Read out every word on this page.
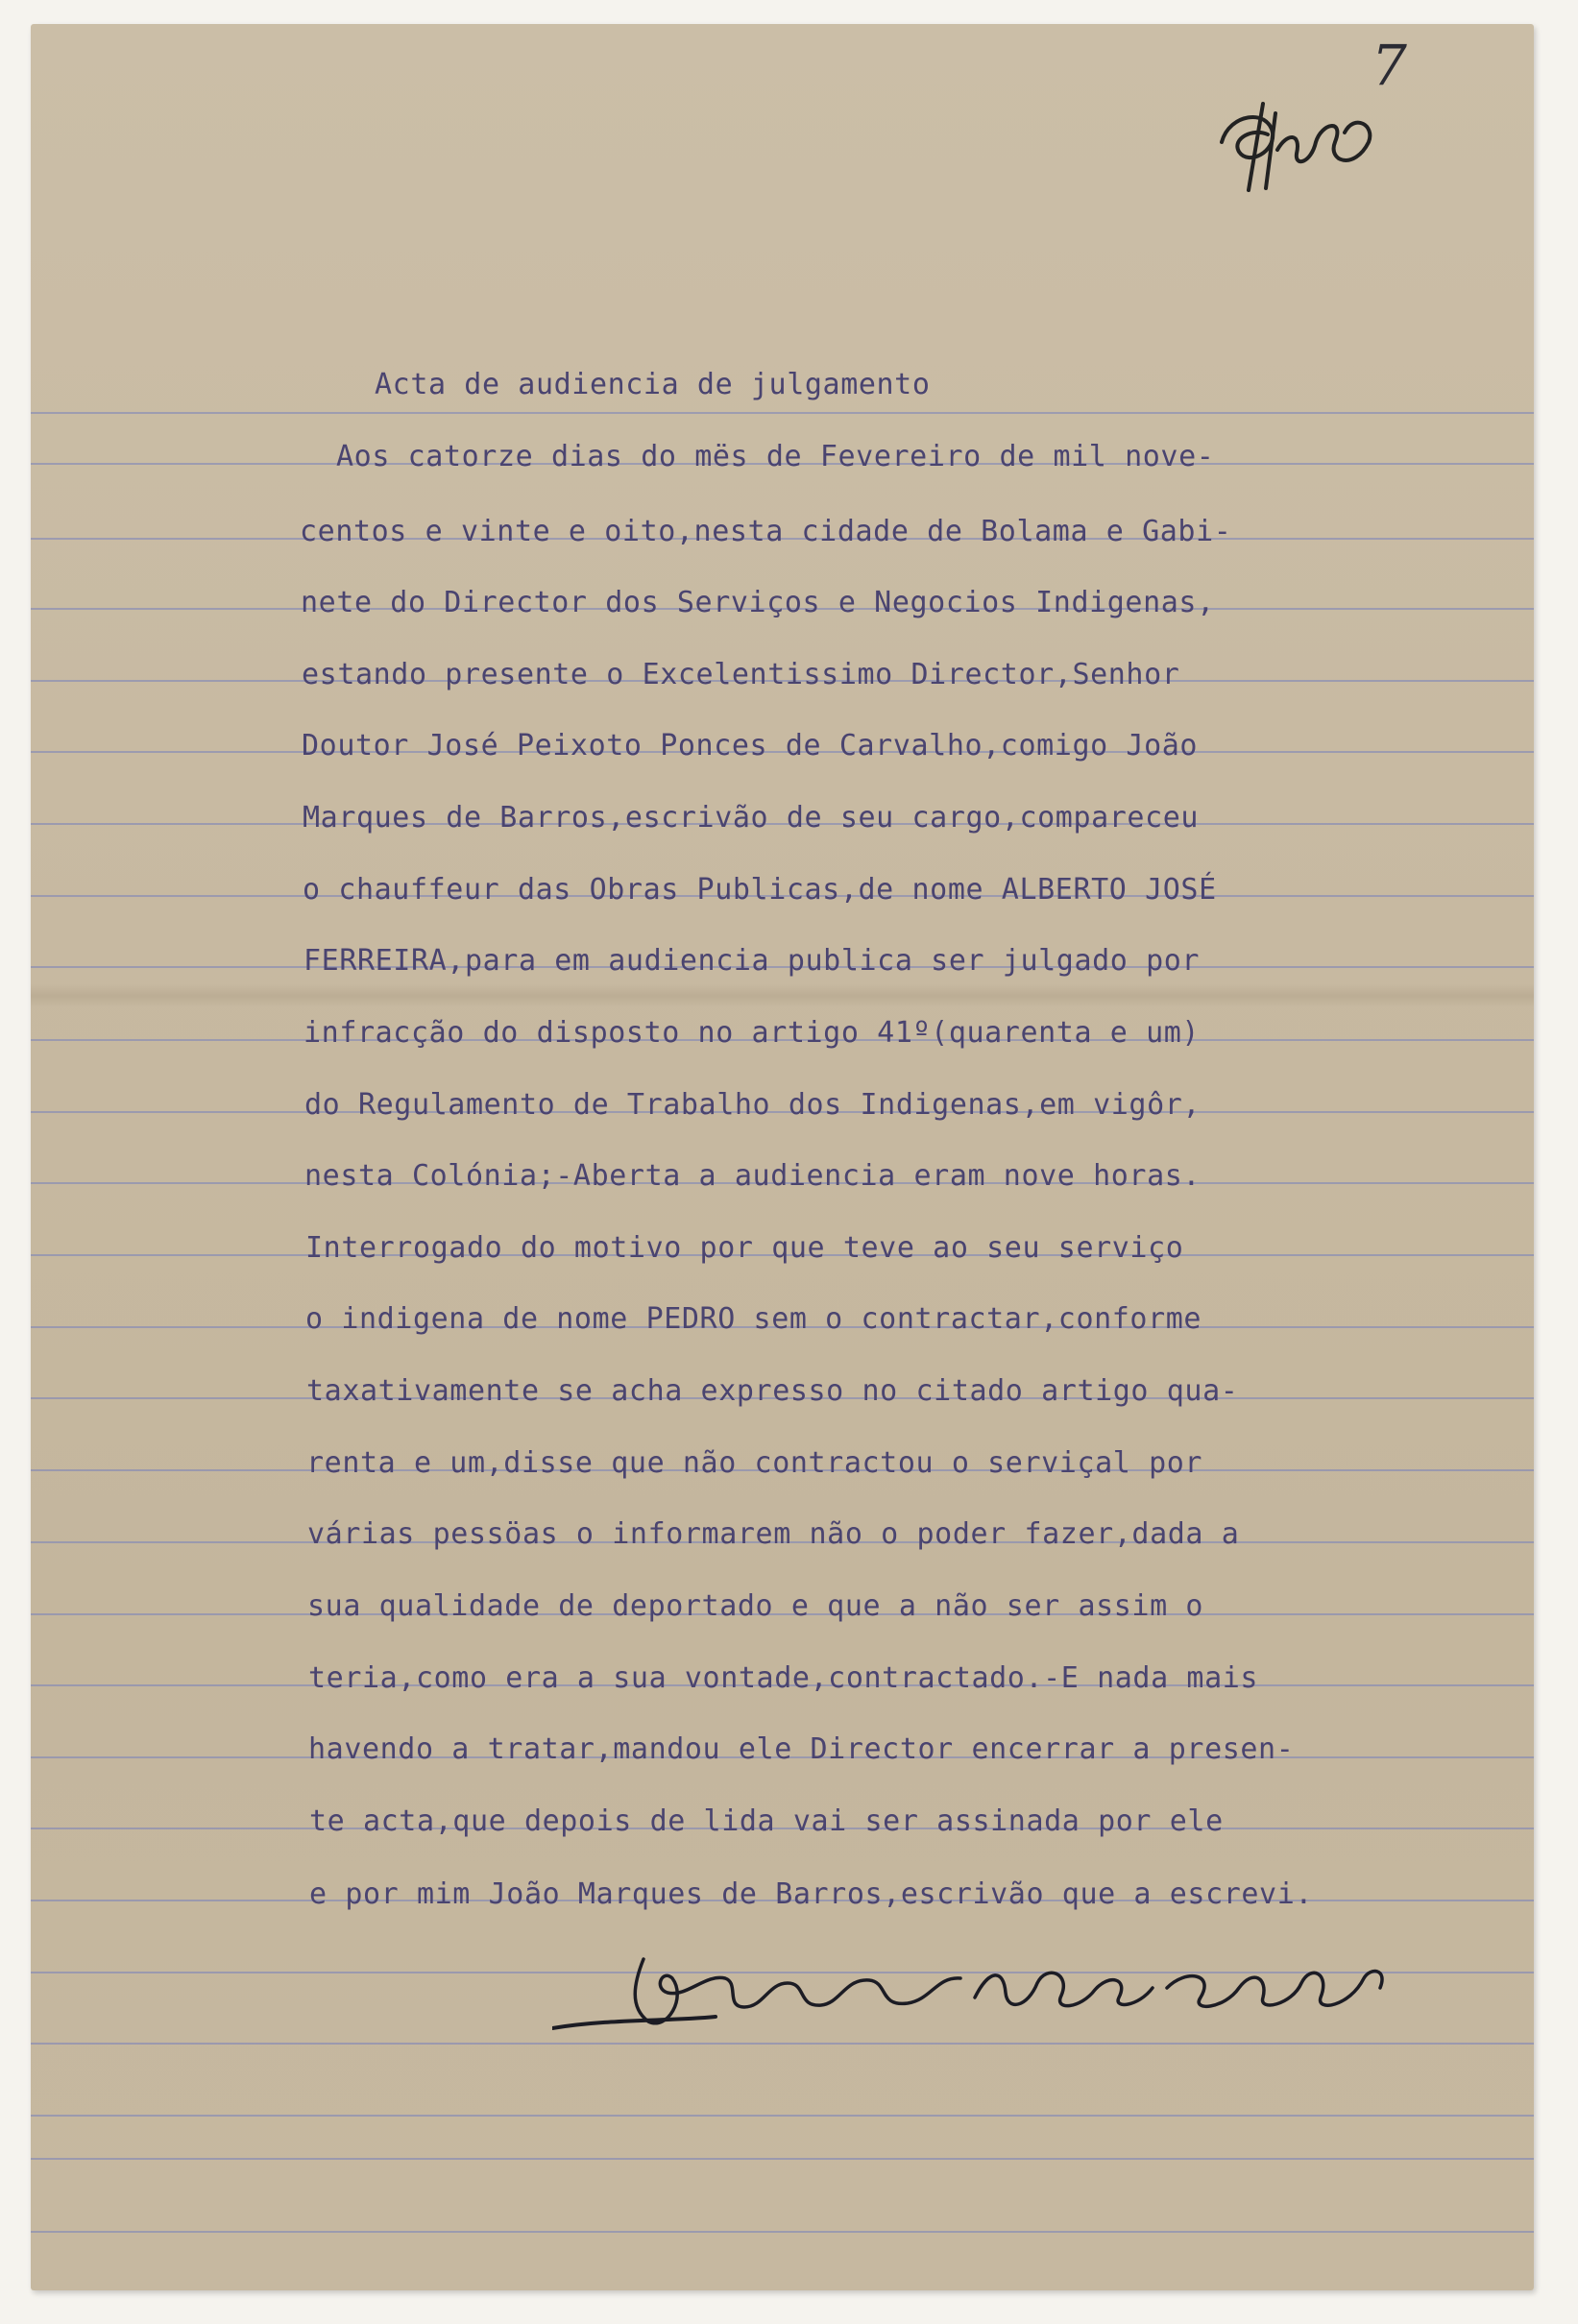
Acta de audiencia de julgamento
Aos catorze dias do mës de Fevereiro de mil nove-
centos e vinte e oito,nesta cidade de Bolama e Gabi-
nete do Director dos Serviços e Negocios Indigenas,
estando presente o Excelentissimo Director,Senhor
Doutor José Peixoto Ponces de Carvalho,comigo João
Marques de Barros,escrivão de seu cargo,compareceu
o chauffeur das Obras Publicas,de nome ALBERTO JOSÉ
FERREIRA,para em audiencia publica ser julgado por
infracção do disposto no artigo 41º(quarenta e um)
do Regulamento de Trabalho dos Indigenas,em vigôr,
nesta Colónia;-Aberta a audiencia eram nove horas.
Interrogado do motivo por que teve ao seu serviço
o indigena de nome PEDRO sem o contractar,conforme
taxativamente se acha expresso no citado artigo qua-
renta e um,disse que não contractou o serviçal por
várias pessöas o informarem não o poder fazer,dada a
sua qualidade de deportado e que a não ser assim o
teria,como era a sua vontade,contractado.-E nada mais
havendo a tratar,mandou ele Director encerrar a presen-
te acta,que depois de lida vai ser assinada por ele
e por mim João Marques de Barros,escrivão que a escrevi.
7
